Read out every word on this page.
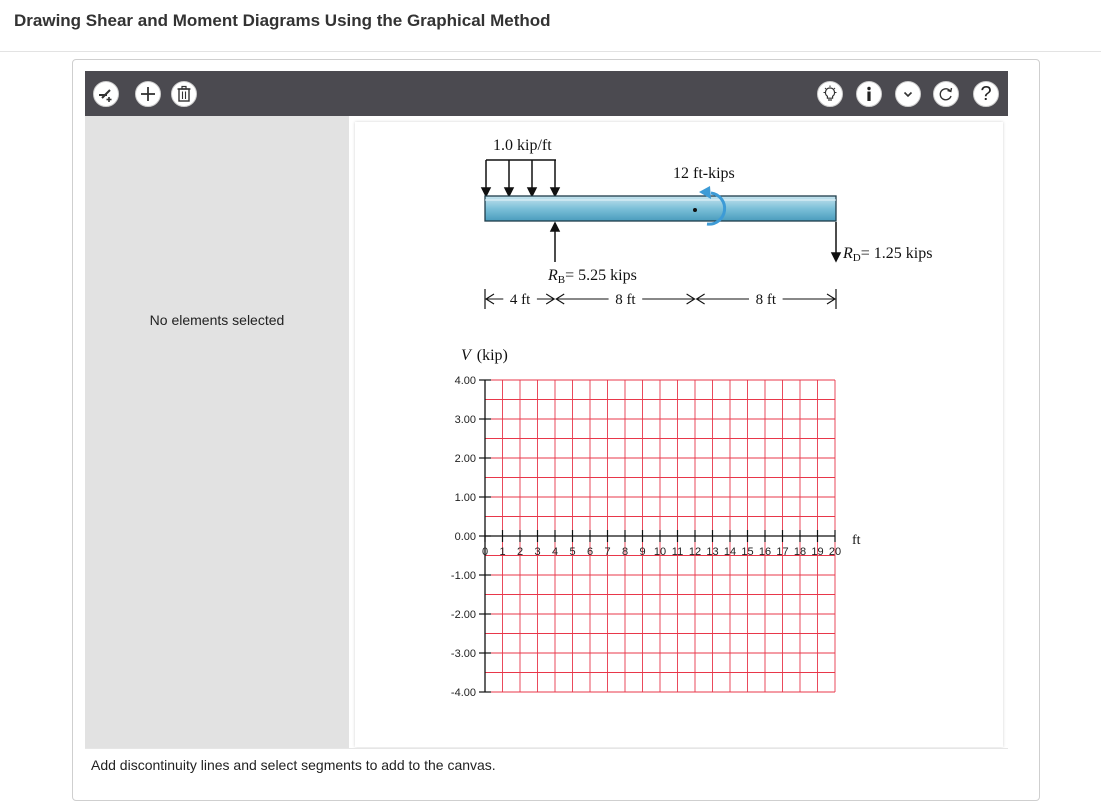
Drawing Shear and Moment Diagrams Using the Graphical Method
?
No elements selected
1.0 kip/ft
12 ft-kips
RB= 5.25 kips
RD= 1.25 kips
4 ft	8 ft	8 ft
V (kip)
4.00
3.00
2.00
1.00
0.00
-1.00
-2.00
-3.00
-4.00
0 1 2 3 4 5 6 7 8 9 10 11 12 13 14 15 16 17 18 19 20
ft
Add discontinuity lines and select segments to add to the canvas.
